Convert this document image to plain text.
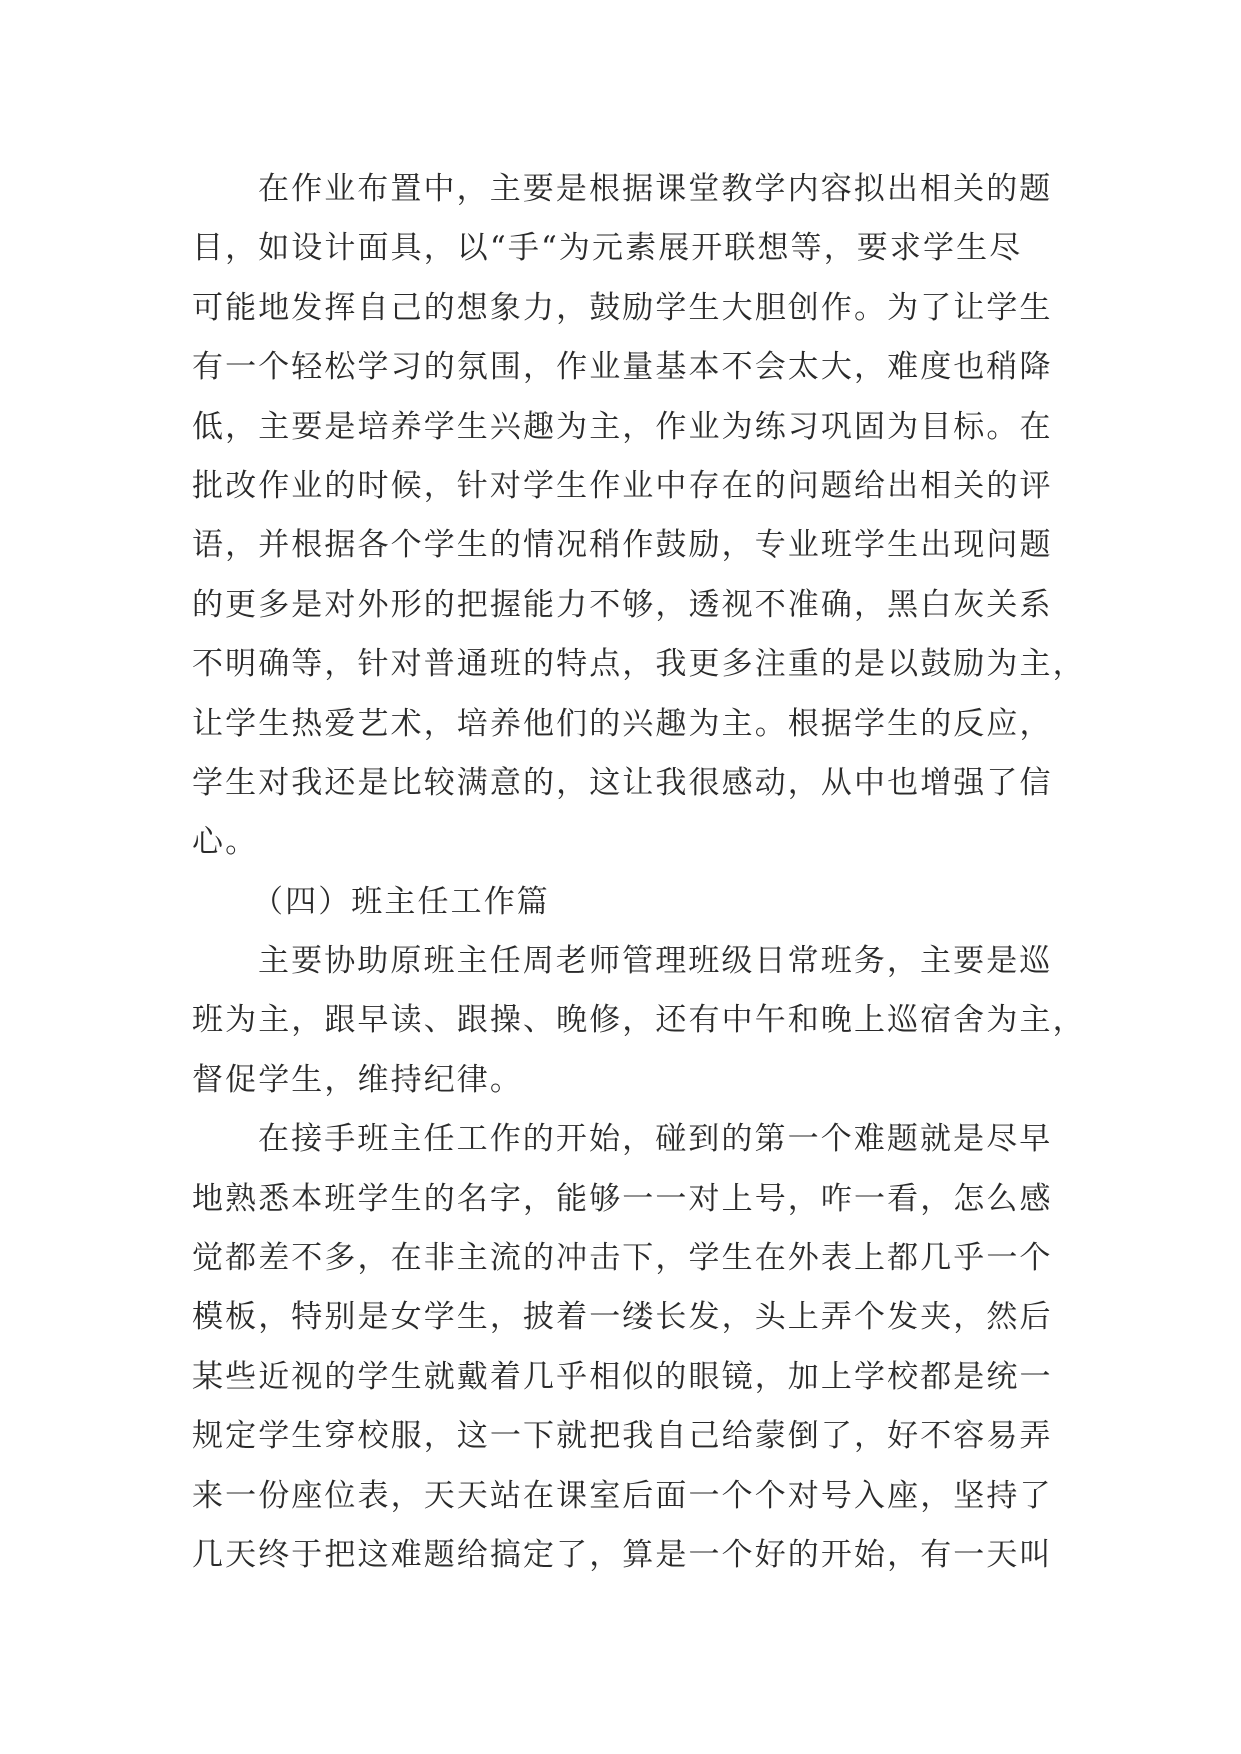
在作业布置中，主要是根据课堂教学内容拟出相关的题
目，如设计面具，以“手“为元素展开联想等，要求学生尽
可能地发挥自己的想象力，鼓励学生大胆创作。为了让学生
有一个轻松学习的氛围，作业量基本不会太大，难度也稍降
低，主要是培养学生兴趣为主，作业为练习巩固为目标。在
批改作业的时候，针对学生作业中存在的问题给出相关的评
语，并根据各个学生的情况稍作鼓励，专业班学生出现问题
的更多是对外形的把握能力不够，透视不准确，黑白灰关系
不明确等，针对普通班的特点，我更多注重的是以鼓励为主，
让学生热爱艺术，培养他们的兴趣为主。根据学生的反应，
学生对我还是比较满意的，这让我很感动，从中也增强了信
心。
（四）班主任工作篇
主要协助原班主任周老师管理班级日常班务，主要是巡
班为主，跟早读、跟操、晚修，还有中午和晚上巡宿舍为主，
督促学生，维持纪律。
在接手班主任工作的开始，碰到的第一个难题就是尽早
地熟悉本班学生的名字，能够一一对上号，咋一看，怎么感
觉都差不多，在非主流的冲击下，学生在外表上都几乎一个
模板，特别是女学生，披着一缕长发，头上弄个发夹，然后
某些近视的学生就戴着几乎相似的眼镜，加上学校都是统一
规定学生穿校服，这一下就把我自己给蒙倒了，好不容易弄
来一份座位表，天天站在课室后面一个个对号入座，坚持了
几天终于把这难题给搞定了，算是一个好的开始，有一天叫
